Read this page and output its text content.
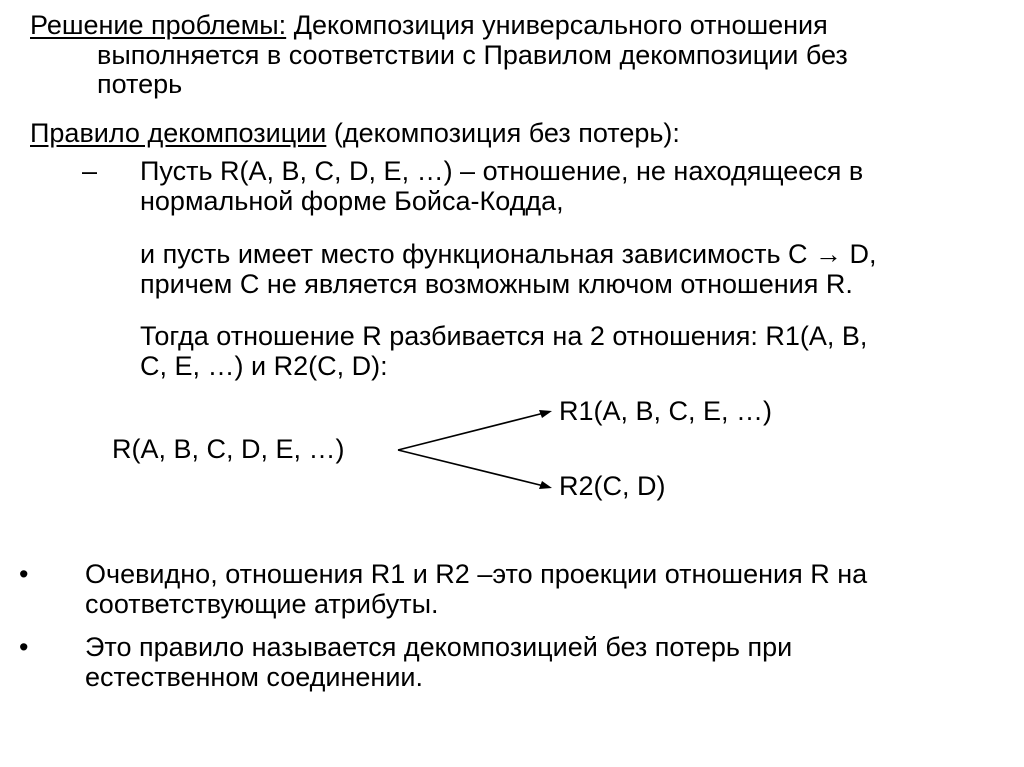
Решение проблемы: Декомпозиция универсального отношения
выполняется в соответствии с Правилом декомпозиции без
потерь
Правило декомпозиции (декомпозиция без потерь):
– Пусть R(A, B, C, D, E, …) – отношение, не находящееся в
нормальной форме Бойса-Кодда,
и пусть имеет место функциональная зависимость C → D,
причем C не является возможным ключом отношения R.
Тогда отношение R разбивается на 2 отношения: R1(A, B,
C, E, …) и R2(C, D):
R1(A, B, C, E, …)
R(A, B, C, D, E, …)
R2(C, D)
• Очевидно, отношения R1 и R2 –это проекции отношения R на
соответствующие атрибуты.
• Это правило называется декомпозицией без потерь при
естественном соединении.
